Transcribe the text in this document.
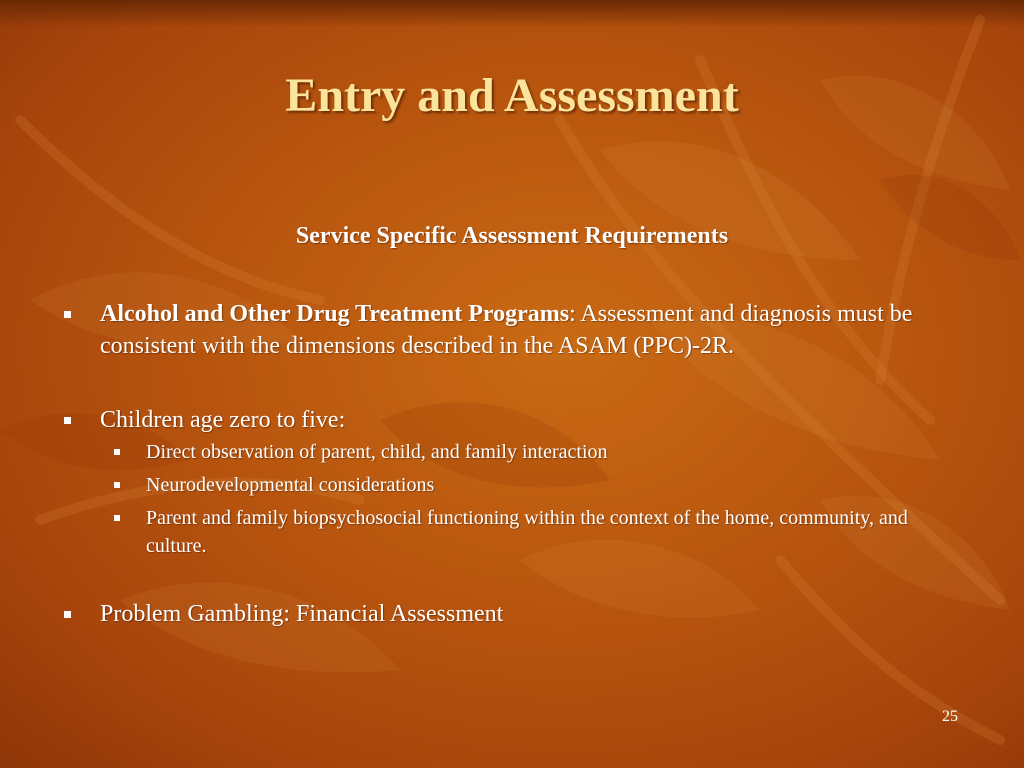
Entry and Assessment
Service Specific Assessment Requirements
Alcohol and Other Drug Treatment Programs: Assessment and diagnosis must be consistent with the dimensions described in the ASAM (PPC)-2R.
Children age zero to five:
Direct observation of parent, child, and family interaction
Neurodevelopmental considerations
Parent and family biopsychosocial functioning within the context of the home, community, and culture.
Problem Gambling: Financial Assessment
25
